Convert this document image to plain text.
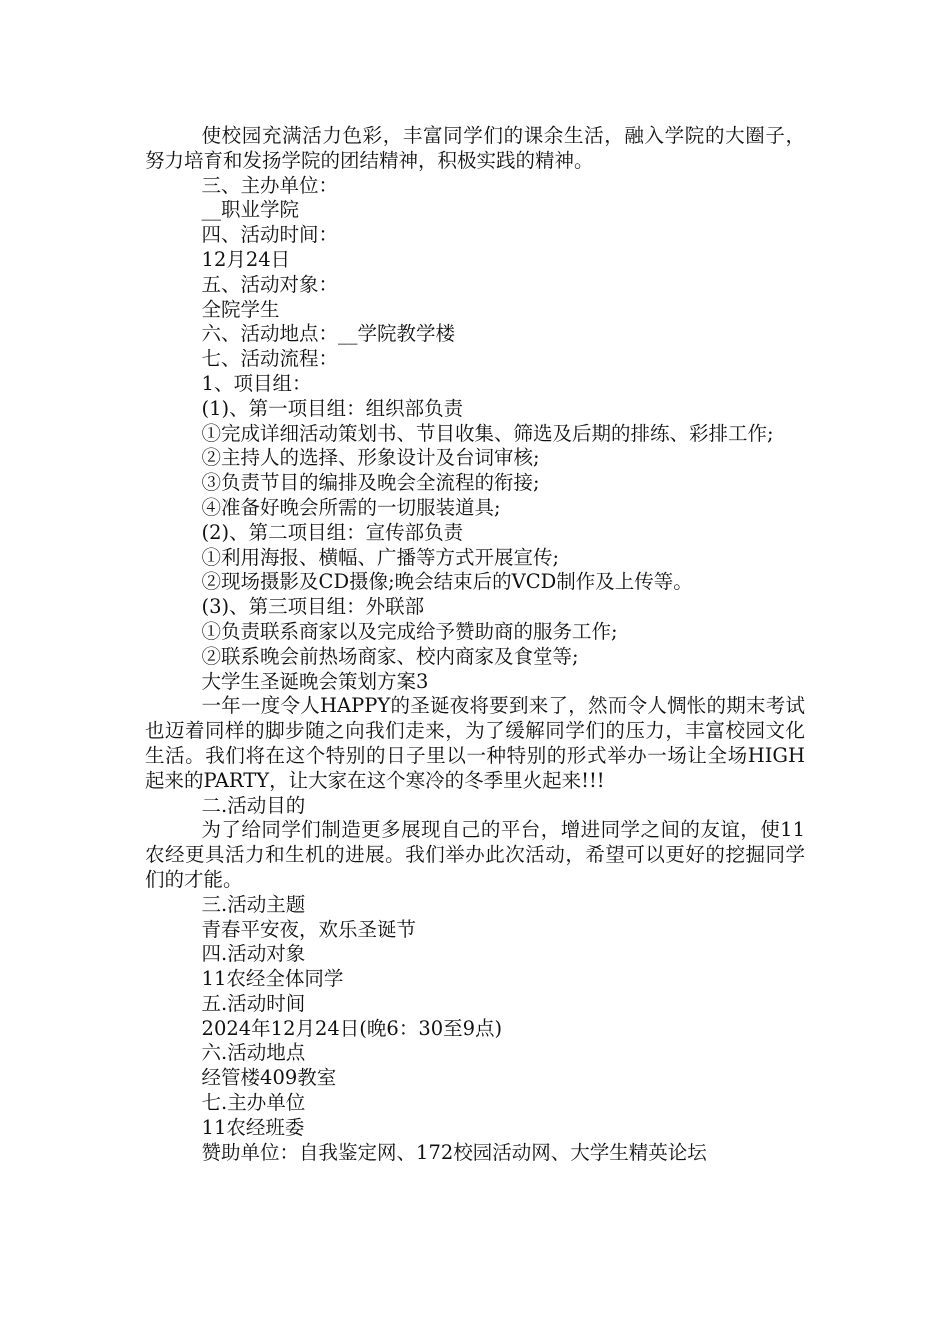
使校园充满活力色彩，丰富同学们的课余生活，融入学院的大圈子，努力培育和发扬学院的团结精神，积极实践的精神。

三、主办单位：

__职业学院

四、活动时间：

12月24日

五、活动对象：

全院学生

六、活动地点：__学院教学楼

七、活动流程：

1、项目组：

(1)、第一项目组：组织部负责

①完成详细活动策划书、节目收集、筛选及后期的排练、彩排工作;

②主持人的选择、形象设计及台词审核;

③负责节目的编排及晚会全流程的衔接;

④准备好晚会所需的一切服装道具;

(2)、第二项目组：宣传部负责

①利用海报、横幅、广播等方式开展宣传;

②现场摄影及CD摄像;晚会结束后的VCD制作及上传等。

(3)、第三项目组：外联部

①负责联系商家以及完成给予赞助商的服务工作;

②联系晚会前热场商家、校内商家及食堂等;

大学生圣诞晚会策划方案3

一年一度令人HAPPY的圣诞夜将要到来了，然而令人惆怅的期末考试也迈着同样的脚步随之向我们走来，为了缓解同学们的压力，丰富校园文化生活。我们将在这个特别的日子里以一种特别的形式举办一场让全场HIGH起来的PARTY，让大家在这个寒冷的冬季里火起来!!!

二.活动目的

为了给同学们制造更多展现自己的平台，增进同学之间的友谊，使11农经更具活力和生机的进展。我们举办此次活动，希望可以更好的挖掘同学们的才能。

三.活动主题

青春平安夜，欢乐圣诞节

四.活动对象

11农经全体同学

五.活动时间

2024年12月24日(晚6：30至9点)

六.活动地点

经管楼409教室

七.主办单位

11农经班委

赞助单位：自我鉴定网、172校园活动网、大学生精英论坛
